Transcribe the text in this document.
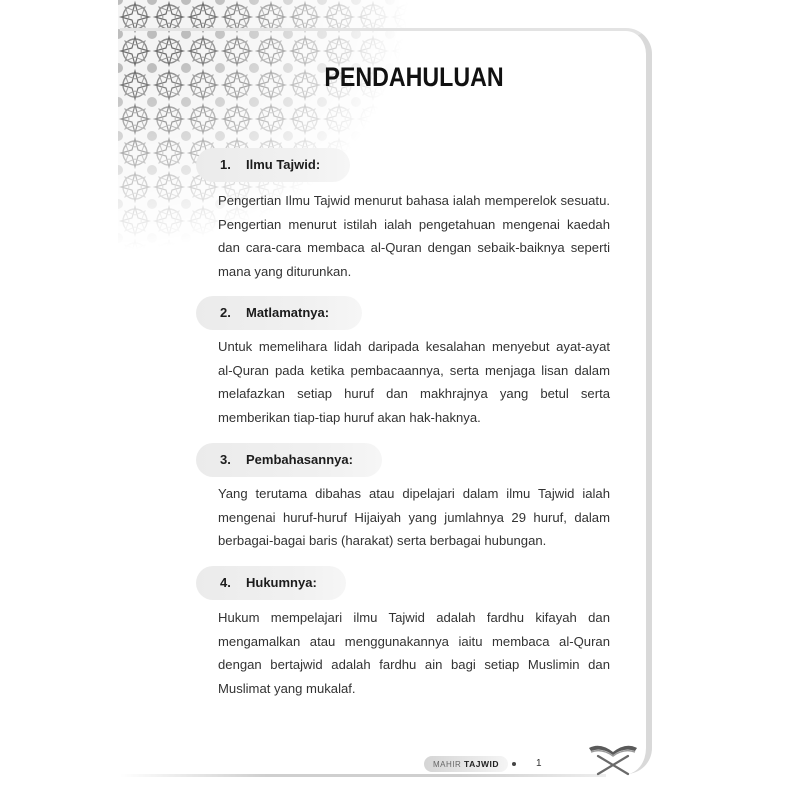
PENDAHULUAN
1. Ilmu Tajwid:
Pengertian Ilmu Tajwid menurut bahasa ialah memperelok sesuatu. Pengertian menurut istilah ialah pengetahuan mengenai kaedah dan cara-cara membaca al-Quran dengan sebaik-baiknya seperti mana yang diturunkan.
2. Matlamatnya:
Untuk memelihara lidah daripada kesalahan menyebut ayat-ayat al-Quran pada ketika pembacaannya, serta menjaga lisan dalam melafazkan setiap huruf dan makhrajnya yang betul serta memberikan tiap-tiap huruf akan hak-haknya.
3. Pembahasannya:
Yang terutama dibahas atau dipelajari dalam ilmu Tajwid ialah mengenai huruf-huruf Hijaiyah yang jumlahnya 29 huruf, dalam berbagai-bagai baris (harakat) serta berbagai hubungan.
4. Hukumnya:
Hukum mempelajari ilmu Tajwid adalah fardhu kifayah dan mengamalkan atau menggunakannya iaitu membaca al-Quran dengan bertajwid adalah fardhu ain bagi setiap Muslimin dan Muslimat yang mukalaf.
MAHIR TAJWID	1
